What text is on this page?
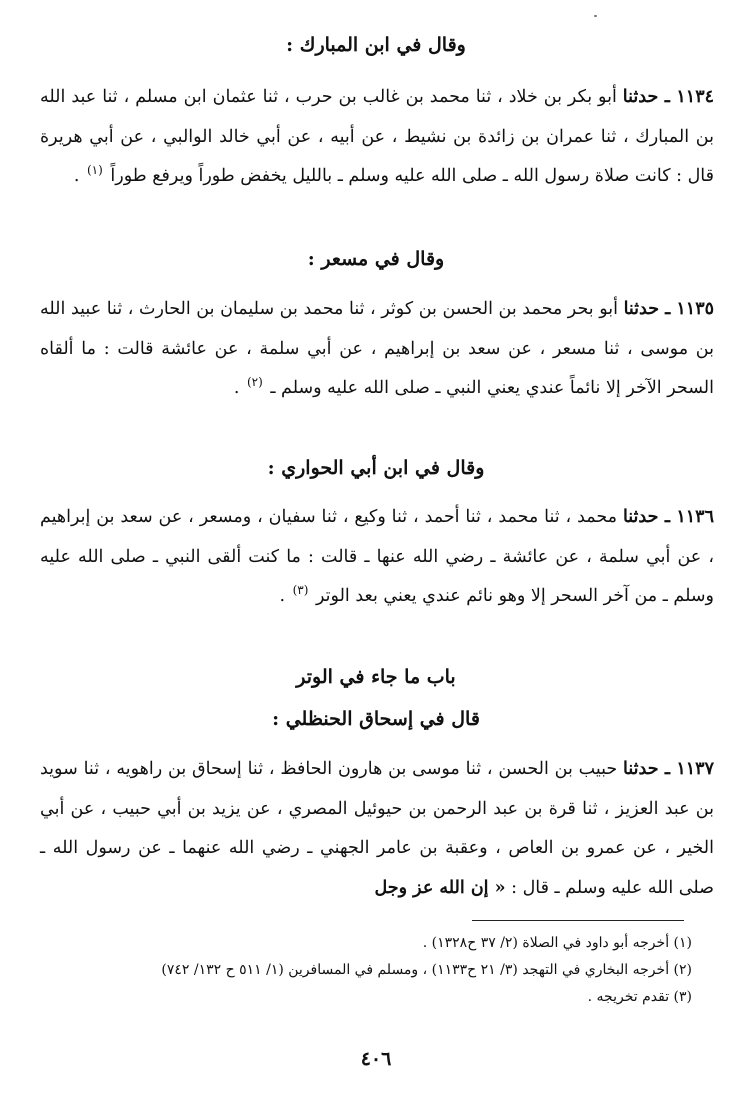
وقال في ابن المبارك :
١١٣٤ ـ حدثنا أبو بكر بن خلاد ، ثنا محمد بن غالب بن حرب ، ثنا عثمان ابن مسلم ، ثنا عبد الله بن المبارك ، ثنا عمران بن زائدة بن نشيط ، عن أبيه ، عن أبي خالد الوالبي ، عن أبي هريرة قال : كانت صلاة رسول الله ـ صلى الله عليه وسلم ـ بالليل يخفض طوراً ويرفع طوراً $^{(١)}$ .
وقال في مسعر :
١١٣٥ ـ حدثنا أبو بحر محمد بن الحسن بن كوثر ، ثنا محمد بن سليمان بن الحارث ، ثنا عبيد الله بن موسى ، ثنا مسعر ، عن سعد بن إبراهيم ، عن أبي سلمة ، عن عائشة قالت : ما ألقاه السحر الآخر إلا نائماً عندي يعني النبي ـ صلى الله عليه وسلم ـ $^{(٢)}$ .
وقال في ابن أبي الحواري :
١١٣٦ ـ حدثنا محمد ، ثنا محمد ، ثنا أحمد ، ثنا وكيع ، ثنا سفيان ، ومسعر ، عن سعد بن إبراهيم ، عن أبي سلمة ، عن عائشة ـ رضي الله عنها ـ قالت : ما كنت ألقى النبي ـ صلى الله عليه وسلم ـ من آخر السحر إلا وهو نائم عندي يعني بعد الوتر $^{(٣)}$ .
باب ما جاء في الوتر
قال في إسحاق الحنظلي :
١١٣٧ ـ حدثنا حبيب بن الحسن ، ثنا موسى بن هارون الحافظ ، ثنا إسحاق بن راهويه ، ثنا سويد بن عبد العزيز ، ثنا قرة بن عبد الرحمن بن حيوئيل المصري ، عن يزيد بن أبي حبيب ، عن أبي الخير ، عن عمرو بن العاص ، وعقبة بن عامر الجهني ـ رضي الله عنهما ـ عن رسول الله ـ صلى الله عليه وسلم ـ قال : « إن الله عز وجل
(١) أخرجه أبو داود في الصلاة (٢/ ٣٧ ح١٣٢٨) .
(٢) أخرجه البخاري في التهجد (٣/ ٢١ ح١١٣٣) ، ومسلم في المسافرين (١/ ٥١١ ح ١٣٢/ ٧٤٢)
(٣) تقدم تخريجه .
٤٠٦
